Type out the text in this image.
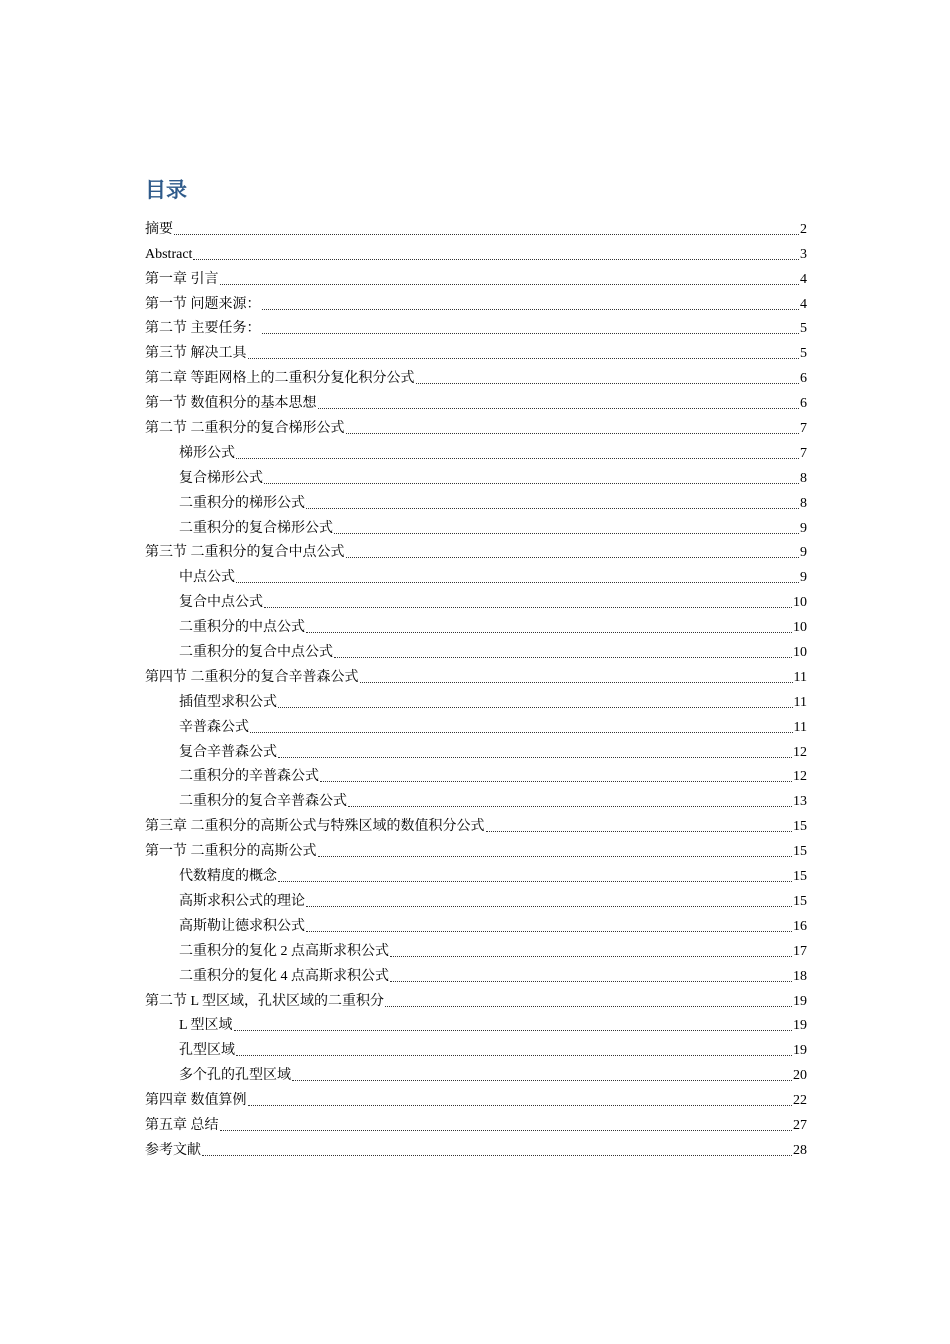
目录
摘要	2
Abstract	3
第一章 引言	4
第一节 问题来源：	4
第二节 主要任务：	5
第三节 解决工具	5
第二章 等距网格上的二重积分复化积分公式	6
第一节 数值积分的基本思想	6
第二节 二重积分的复合梯形公式	7
梯形公式	7
复合梯形公式	8
二重积分的梯形公式	8
二重积分的复合梯形公式	9
第三节 二重积分的复合中点公式	9
中点公式	9
复合中点公式	10
二重积分的中点公式	10
二重积分的复合中点公式	10
第四节 二重积分的复合辛普森公式	11
插值型求积公式	11
辛普森公式	11
复合辛普森公式	12
二重积分的辛普森公式	12
二重积分的复合辛普森公式	13
第三章 二重积分的高斯公式与特殊区域的数值积分公式	15
第一节 二重积分的高斯公式	15
代数精度的概念	15
高斯求积公式的理论	15
高斯勒让德求积公式	16
二重积分的复化 2 点高斯求积公式	17
二重积分的复化 4 点高斯求积公式	18
第二节 L 型区域，孔状区域的二重积分	19
L 型区域	19
孔型区域	19
多个孔的孔型区域	20
第四章 数值算例	22
第五章 总结	27
参考文献	28
